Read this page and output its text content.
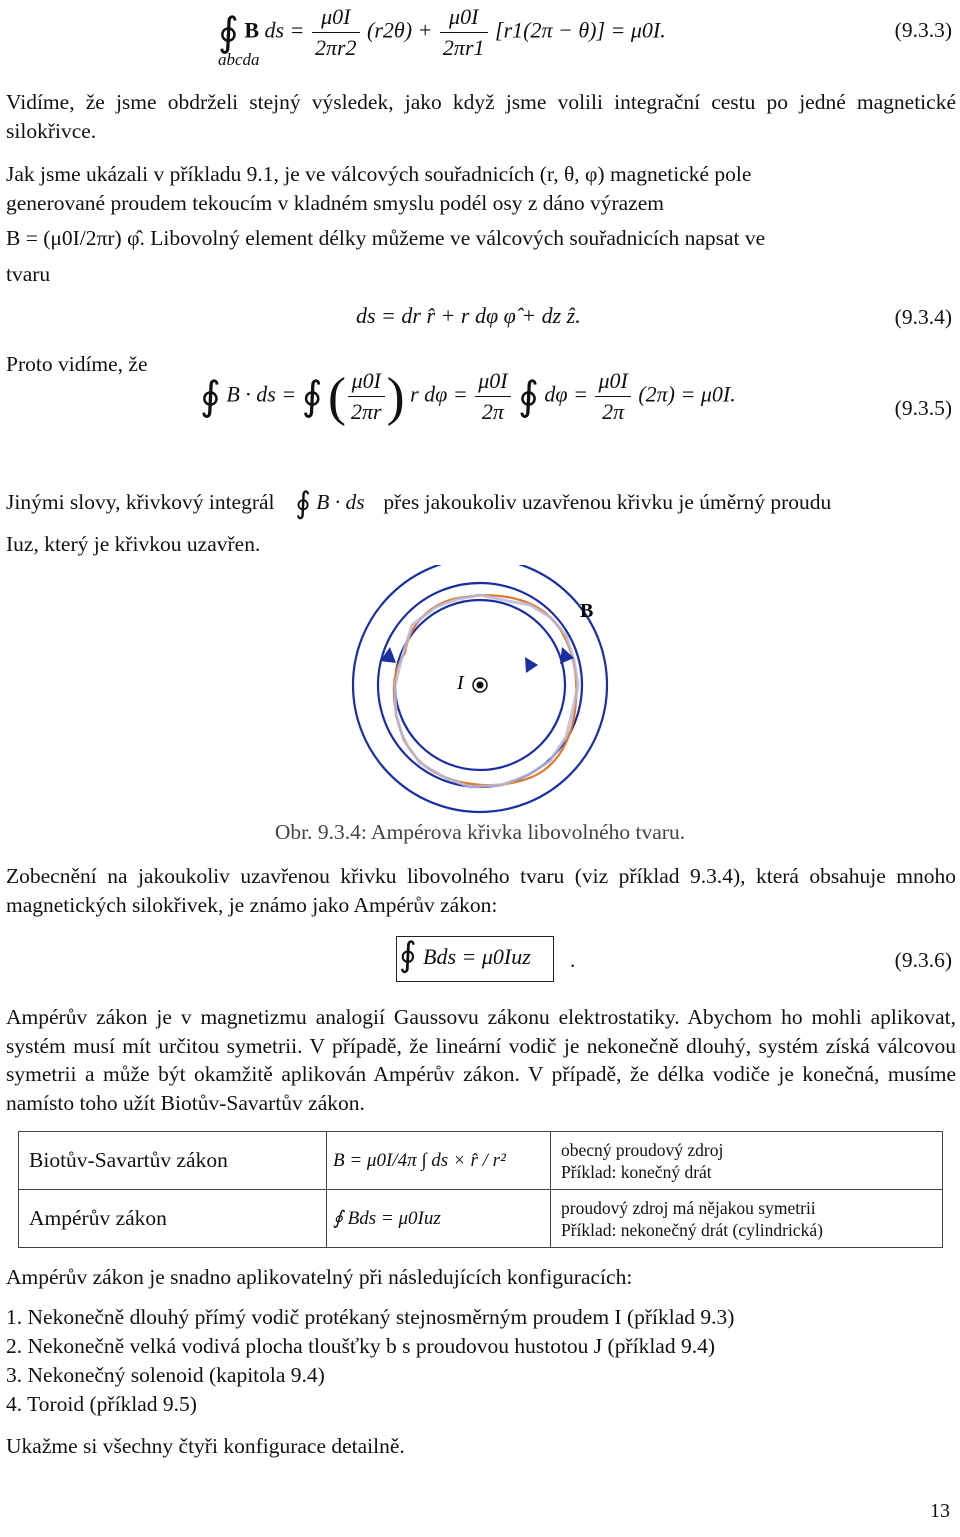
∮ B ds = $\frac{\mu 0I}{2\pi r2} (r2\theta) + \frac{\mu 0I}{2\pi r1} [r1(2\pi - \theta)] = \mu 0I$.
abcda
(9.3.3)
Vidíme, že jsme obdrželi stejný výsledek, jako když jsme volili integrační cestu po jedné magnetické silokřivce.
Jak jsme ukázali v příkladu 9.1, je ve válcových souřadnicích (r, θ, φ) magnetické pole
generované proudem tekoucím v kladném smyslu podél osy z dáno výrazem
B = (μ0I/2πr) φ̂. Libovolný element délky můžeme ve válcových souřadnicích napsat ve
tvaru
ds = dr r̂ + r dφ φ̂ + dz ẑ.	(9.3.4)
Proto vidíme, že
∮ B · ds = ∮ ( $\frac{\mu 0I}{2\pi r}$ ) r $d\varphi = \frac{\mu 0I}{2\pi}$ ∮ $d\varphi = \frac{\mu 0I}{2\pi} (2\pi) = \mu 0I$.
(9.3.5)
Jinými slovy, křivkový integrál ∮ B · ds přes jakoukoliv uzavřenou křivku je úměrný proudu
Iuz, který je křivkou uzavřen.
I
B
Obr. 9.3.4: Ampérova křivka libovolného tvaru.
Zobecnění na jakoukoliv uzavřenou křivku libovolného tvaru (viz příklad 9.3.4), která obsahuje mnoho magnetických silokřivek, je známo jako Ampérův zákon:
∮ Bds = μ0Iuz .	(9.3.6)
Ampérův zákon je v magnetizmu analogií Gaussovu zákonu elektrostatiky. Abychom ho mohli aplikovat, systém musí mít určitou symetrii. V případě, že lineární vodič je nekonečně dlouhý, systém získá válcovou symetrii a může být okamžitě aplikován Ampérův zákon. V případě, že délka vodiče je konečná, musíme namísto toho užít Biotův-Savartův zákon.
Biotův-Savartův zákon	B = μ0I/4π ∫ ds × r̂ / r²	obecný proudový zdroj
Příklad: konečný drát

Ampérův zákon	∮ Bds = μ0Iuz	proudový zdroj má nějakou symetrii
Příklad: nekonečný drát (cylindrická)
Ampérův zákon je snadno aplikovatelný při následujících konfiguracích:
1. Nekonečně dlouhý přímý vodič protékaný stejnosměrným proudem I (příklad 9.3)
2. Nekonečně velká vodivá plocha tloušťky b s proudovou hustotou J (příklad 9.4)
3. Nekonečný solenoid (kapitola 9.4)
4. Toroid (příklad 9.5)
Ukažme si všechny čtyři konfigurace detailně.
13
